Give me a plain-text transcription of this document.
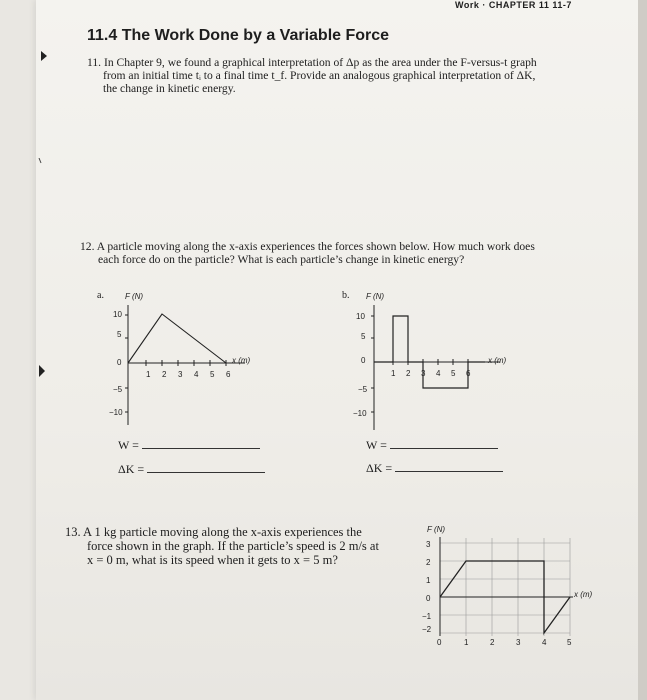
Work · CHAPTER 11 11-7
11.4 The Work Done by a Variable Force
11. In Chapter 9, we found a graphical interpretation of Δp as the area under the F-versus-t graph
from an initial time tᵢ to a final time t_f. Provide an analogous graphical interpretation of ΔK,
the change in kinetic energy.
12. A particle moving along the x-axis experiences the forces shown below. How much work does
each force do on the particle? What is each particle’s change in kinetic energy?
a.	F (N)
x (m)
10
5
0
−5
−10
1 2 3 4 5 6
W =
ΔK =
b. F (N)
x (m)
10
5
0
−5
−10
1 2 3 4 5 6
W =
ΔK =
13. A 1 kg particle moving along the x-axis experiences the
force shown in the graph. If the particle’s speed is 2 m/s at
x = 0 m, what is its speed when it gets to x = 5 m?
F (N)
x (m)
3
2
1
0
−1
−2
0	1	2	3	4	5
